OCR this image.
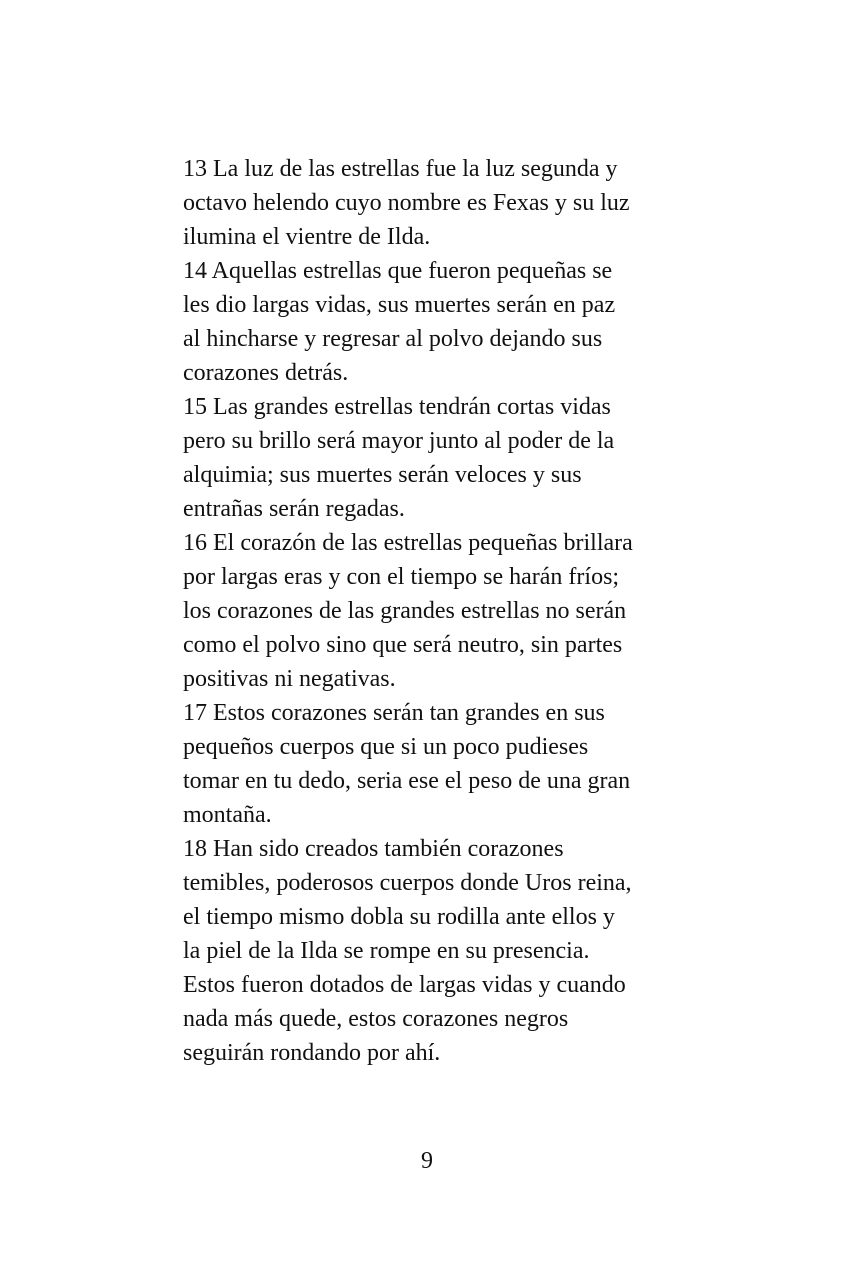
13 La luz de las estrellas fue la luz segunda y
octavo helendo cuyo nombre es Fexas y su luz
ilumina el vientre de Ilda.
14 Aquellas estrellas que fueron pequeñas se
les dio largas vidas, sus muertes serán en paz
al hincharse y regresar al polvo dejando sus
corazones detrás.
15 Las grandes estrellas tendrán cortas vidas
pero su brillo será mayor junto al poder de la
alquimia; sus muertes serán veloces y sus
entrañas serán regadas.
16 El corazón de las estrellas pequeñas brillara
por largas eras y con el tiempo se harán fríos;
los corazones de las grandes estrellas no serán
como el polvo sino que será neutro, sin partes
positivas ni negativas.
17 Estos corazones serán tan grandes en sus
pequeños cuerpos que si un poco pudieses
tomar en tu dedo, seria ese el peso de una gran
montaña.
18 Han sido creados también corazones
temibles, poderosos cuerpos donde Uros reina,
el tiempo mismo dobla su rodilla ante ellos y
la piel de la Ilda se rompe en su presencia.
Estos fueron dotados de largas vidas y cuando
nada más quede, estos corazones negros
seguirán rondando por ahí.
9
